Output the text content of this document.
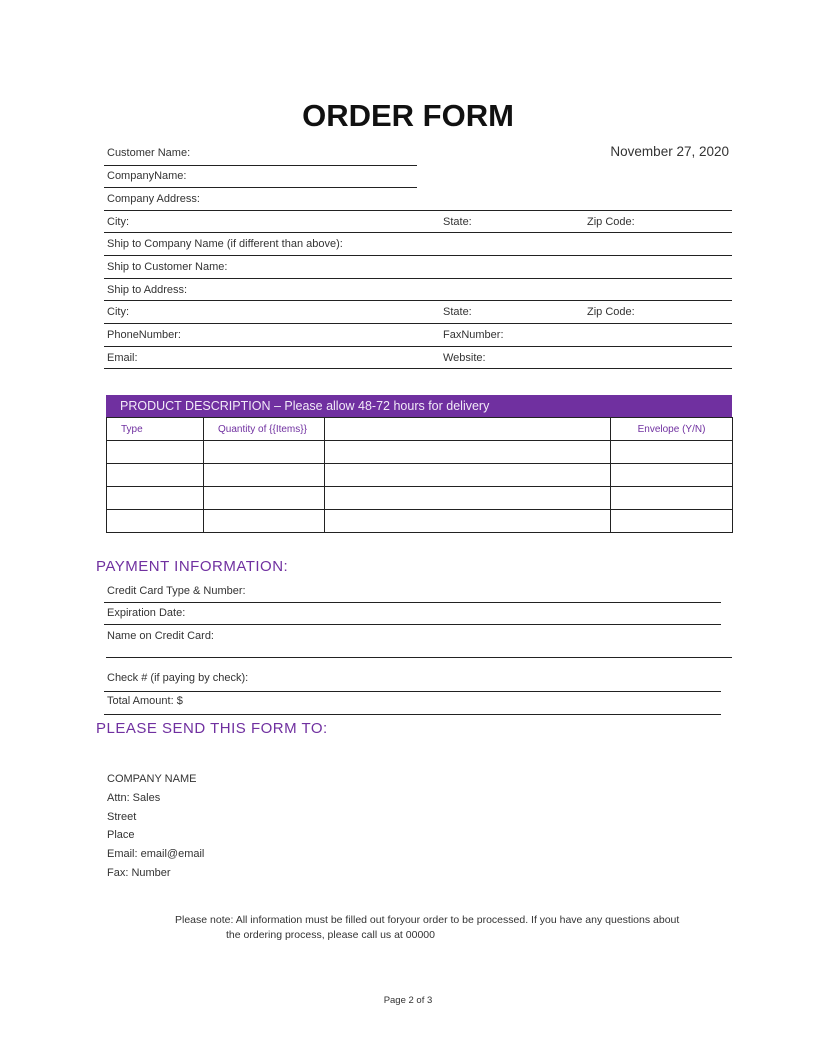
ORDER FORM
November 27, 2020
Customer Name:
CompanyName:
Company Address:
City:	State:	Zip Code:
Ship to Company Name (if different than above):
Ship to Customer Name:
Ship to Address:
City:	State:	Zip Code:
PhoneNumber:	FaxNumber:
Email:	Website:
PRODUCT DESCRIPTION – Please allow 48-72 hours for delivery
Type	Quantity of {{Items}}		Envelope (Y/N)

PAYMENT INFORMATION:
Credit Card Type & Number:
Expiration Date:
Name on Credit Card:
Check # (if paying by check):
Total Amount: $
PLEASE SEND THIS FORM TO:
COMPANY NAME
Attn: Sales
Street
Place
Email: email@email
Fax: Number
Please note: All information must be filled out foryour order to be processed. If you have any questions about
the ordering process, please call us at 00000
Page 2 of 3
